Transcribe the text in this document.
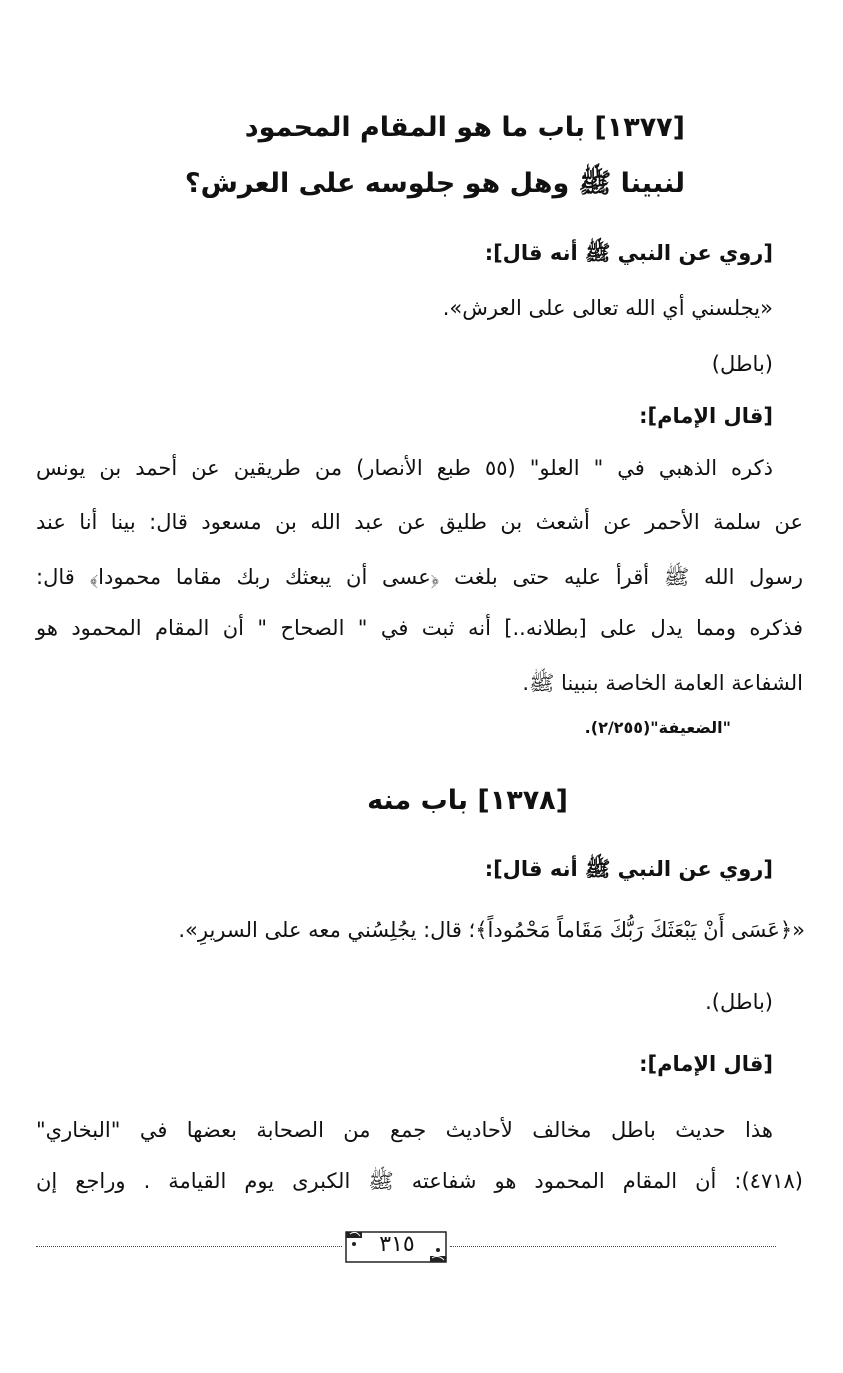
[١٣٧٧] باب ما هو المقام المحمود
لنبينا ﷺ وهل هو جلوسه على العرش؟
[روي عن النبي ﷺ أنه قال]:
«يجلسني أي الله تعالى على العرش».
(باطل)
[قال الإمام]:
ذكره الذهبي في " العلو" (٥٥ طبع الأنصار) من طريقين عن أحمد بن يونس
عن سلمة الأحمر عن أشعث بن طليق عن عبد الله بن مسعود قال: بينا أنا عند
رسول الله ﷺ أقرأ عليه حتى بلغت ﴿عسى أن يبعثك ربك مقاما محمودا﴾ قال:
فذكره ومما يدل على [بطلانه..] أنه ثبت في " الصحاح " أن المقام المحمود هو
الشفاعة العامة الخاصة بنبينا ﷺ.
"الضعيفة"(٢/٢٥٥).
[١٣٧٨] باب منه
[روي عن النبي ﷺ أنه قال]:
«﴿عَسَى أَنْ يَبْعَثَكَ رَبُّكَ مَقَاماً مَحْمُوداً﴾؛ قال: يجُلِسُني معه على السريرِ».
(باطل).
[قال الإمام]:
هذا حديث باطل مخالف لأحاديث جمع من الصحابة بعضها في "البخاري"
(٤٧١٨): أن المقام المحمود هو شفاعته ﷺ الكبرى يوم القيامة . وراجع إن
٣١٥
